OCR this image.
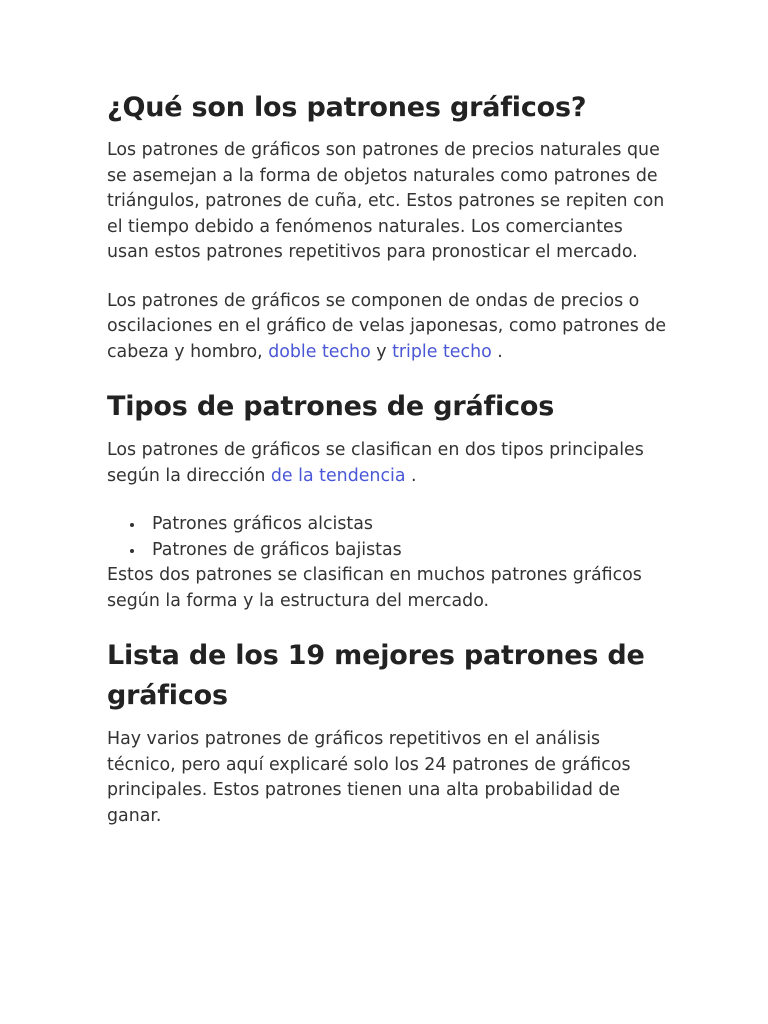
¿Qué son los patrones gráficos?

Los patrones de gráficos son patrones de precios naturales que se asemejan a la forma de objetos naturales como patrones de triángulos, patrones de cuña, etc. Estos patrones se repiten con el tiempo debido a fenómenos naturales. Los comerciantes usan estos patrones repetitivos para pronosticar el mercado.

Los patrones de gráficos se componen de ondas de precios o oscilaciones en el gráfico de velas japonesas, como patrones de cabeza y hombro, doble techo y triple techo .

Tipos de patrones de gráficos

Los patrones de gráficos se clasifican en dos tipos principales según la dirección de la tendencia .

Patrones gráficos alcistas
Patrones de gráficos bajistas

Estos dos patrones se clasifican en muchos patrones gráficos según la forma y la estructura del mercado.

Lista de los 19 mejores patrones de gráficos

Hay varios patrones de gráficos repetitivos en el análisis técnico, pero aquí explicaré solo los 24 patrones de gráficos principales. Estos patrones tienen una alta probabilidad de ganar.
